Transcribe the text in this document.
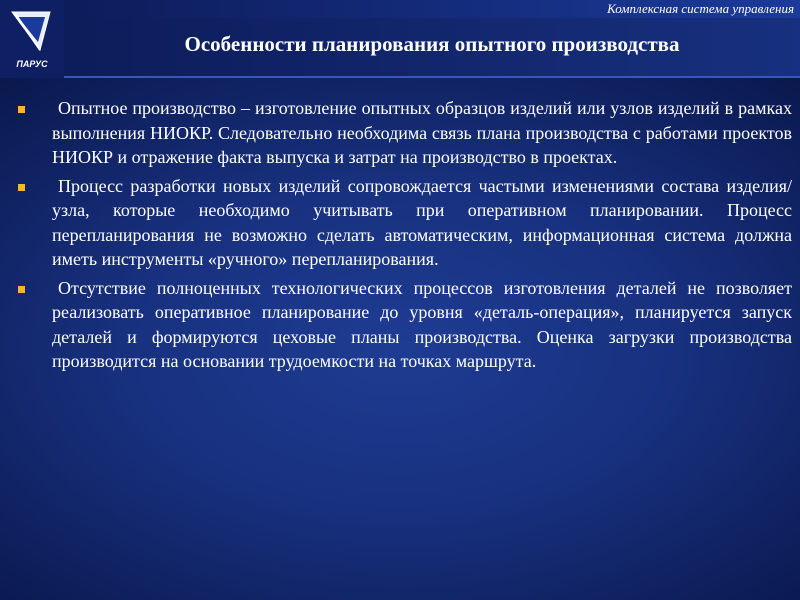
ПАРУС
Комплексная система управления
Особенности планирования опытного производства
Опытное производство – изготовление опытных образцов изделий или узлов изделий в рамках выполнения НИОКР. Следовательно необходима связь плана производства с работами проектов НИОКР и отражение факта выпуска и затрат на производство в проектах.
Процесс разработки новых изделий сопровождается частыми изменениями состава изделия/узла, которые необходимо учитывать при оперативном планировании. Процесс перепланирования не возможно сделать автоматическим, информационная система должна иметь инструменты «ручного» перепланирования.
Отсутствие полноценных технологических процессов изготовления деталей не позволяет реализовать оперативное планирование до уровня «деталь-операция», планируется запуск деталей и формируются цеховые планы производства. Оценка загрузки производства производится на основании трудоемкости на точках маршрута.
